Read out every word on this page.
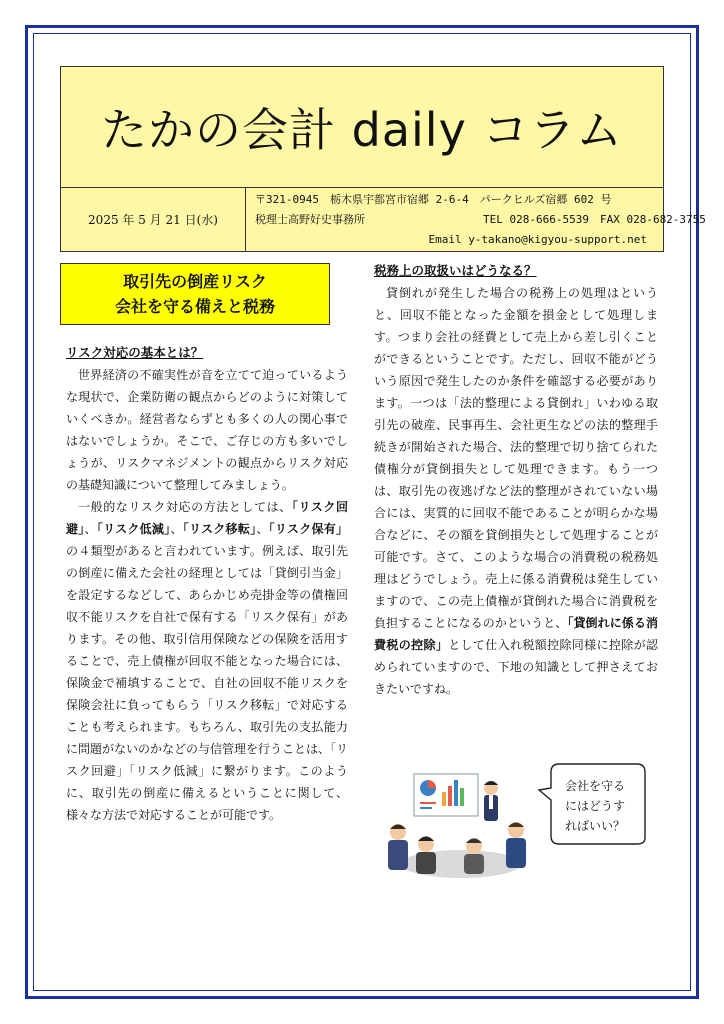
たかの会計 daily コラム
2025 年 5 月 21 日(水)
〒321-0945　栃木県宇都宮市宿郷 2-6-4　パークヒルズ宿郷 602 号
税理士高野好史事務所	TEL 028-666-5539　FAX 028-682-3755
Email y-takano@kigyou-support.net
取引先の倒産リスク
会社を守る備えと税務
リスク対応の基本とは？

世界経済の不確実性が音を立てて迫っているような現状で、企業防衛の観点からどのように対策していくべきか。経営者ならずとも多くの人の関心事ではないでしょうか。そこで、ご存じの方も多いでしょうが、リスクマネジメントの観点からリスク対応の基礎知識について整理してみましょう。

一般的なリスク対応の方法としては、「リスク回避」、「リスク低減」、「リスク移転」、「リスク保有」の４類型があると言われています。例えば、取引先の倒産に備えた会社の経理としては「貸倒引当金」を設定するなどして、あらかじめ売掛金等の債権回収不能リスクを自社で保有する「リスク保有」があります。その他、取引信用保険などの保険を活用することで、売上債権が回収不能となった場合には、保険金で補填することで、自社の回収不能リスクを保険会社に負ってもらう「リスク移転」で対応することも考えられます。もちろん、取引先の支払能力に問題がないのかなどの与信管理を行うことは、「リスク回避」「リスク低減」に繋がります。このように、取引先の倒産に備えるということに関して、様々な方法で対応することが可能です。

税務上の取扱いはどうなる？

貸倒れが発生した場合の税務上の処理はというと、回収不能となった金額を損金として処理します。つまり会社の経費として売上から差し引くことができるということです。ただし、回収不能がどういう原因で発生したのか条件を確認する必要があります。一つは「法的整理による貸倒れ」いわゆる取引先の破産、民事再生、会社更生などの法的整理手続きが開始された場合、法的整理で切り捨てられた債権分が貸倒損失として処理できます。もう一つは、取引先の夜逃げなど法的整理がされていない場合には、実質的に回収不能であることが明らかな場合などに、その額を貸倒損失として処理することが可能です。さて、このような場合の消費税の税務処理はどうでしょう。売上に係る消費税は発生していますので、この売上債権が貸倒れた場合に消費税を負担することになるのかというと、「貸倒れに係る消費税の控除」として仕入れ税額控除同様に控除が認められていますので、下地の知識として押さえておきたいですね。

会社を守る
にはどうす
ればいい？
